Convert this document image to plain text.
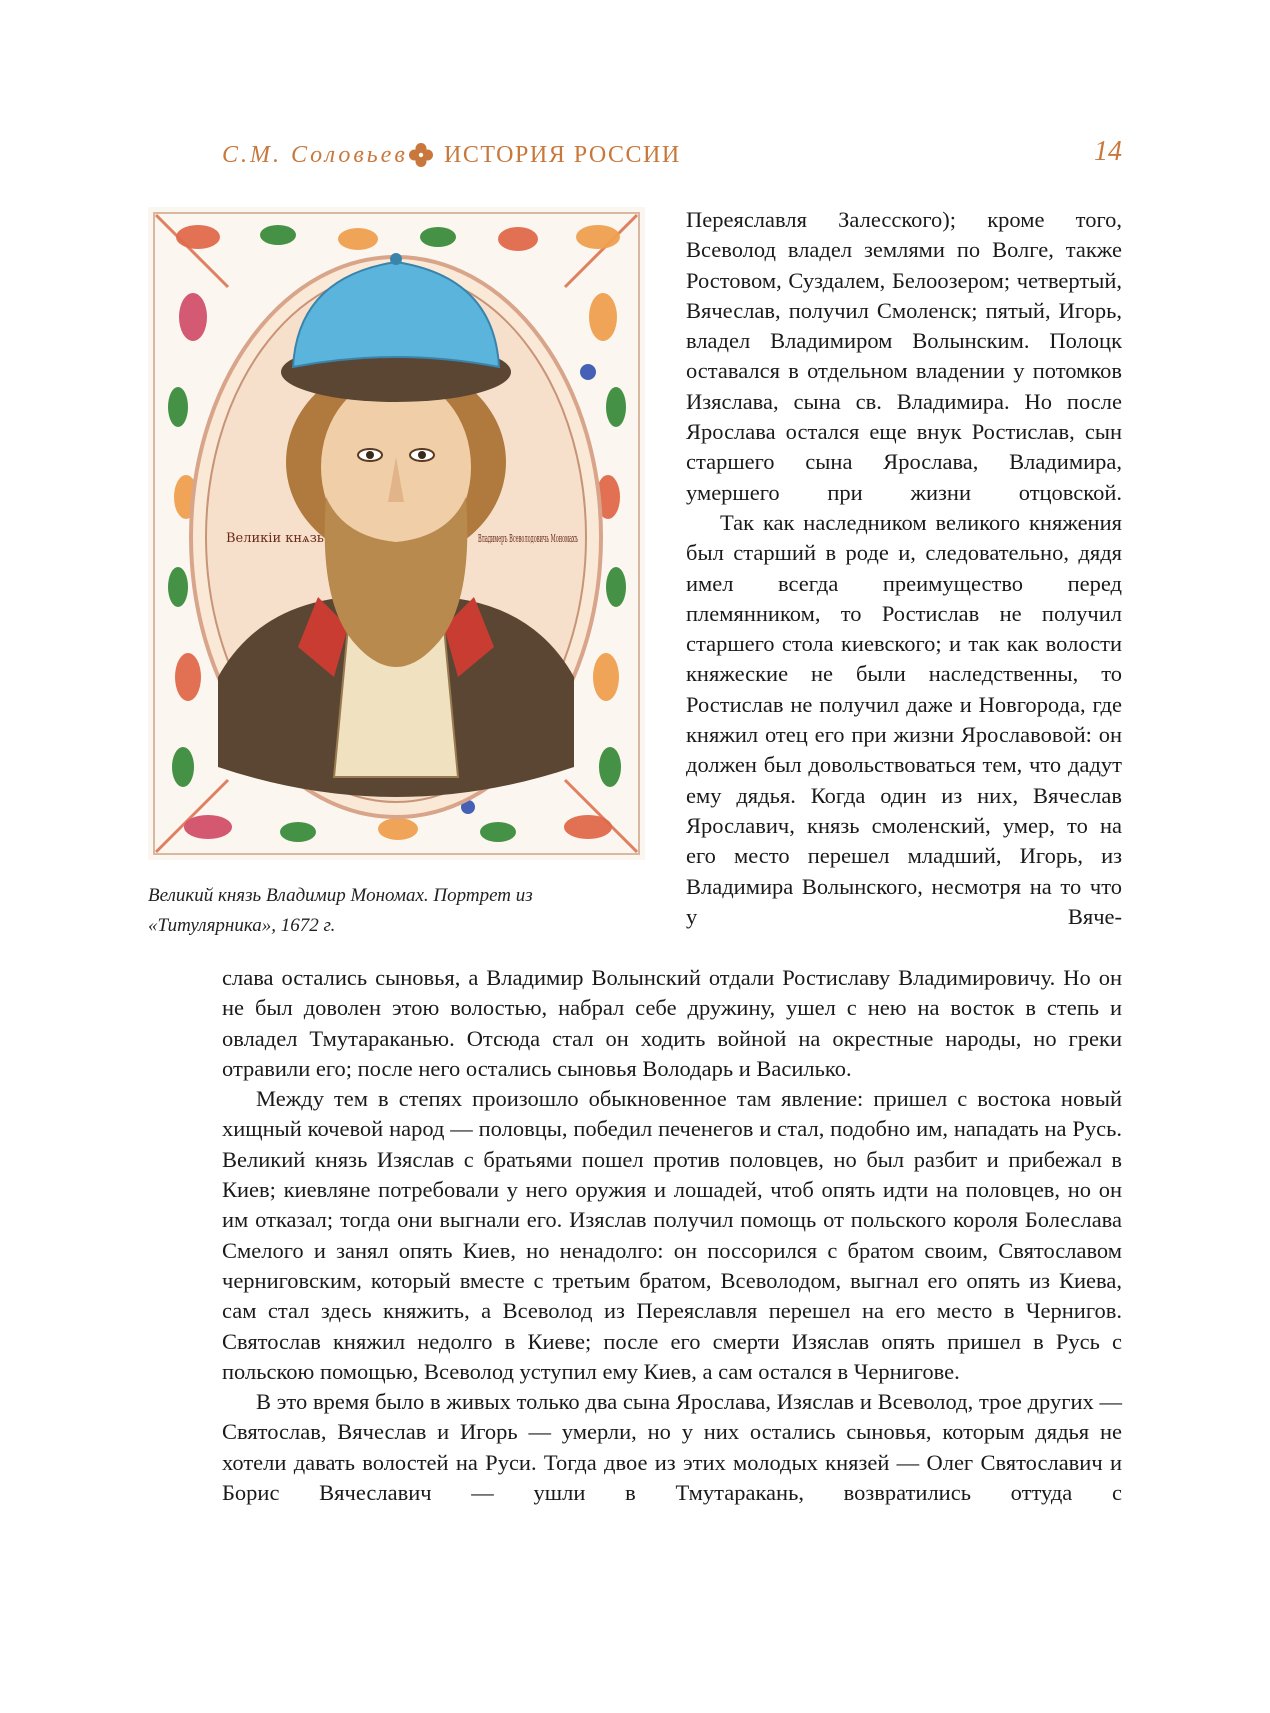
С.М. Соловьев ИСТОРИЯ РОССИИ	14
Великiи кнѧзь	Владимеръ Всеволодовичь Мономахъ
Великий князь Владимир Мономах. Портрет из «Титулярника», 1672 г.

Переяславля Залесского); кроме того, Всеволод владел землями по Волге, также Ростовом, Суздалем, Белоозером; четвертый, Вячеслав, получил Смоленск; пятый, Игорь, владел Владимиром Волынским. Полоцк оставался в отдельном владении у потомков Изяслава, сына св. Владимира. Но после Ярослава остался еще внук Ростислав, сын старшего сына Ярослава, Владимира, умершего при жизни отцовской.

Так как наследником великого княжения был старший в роде и, следовательно, дядя имел всегда преимущество перед племянником, то Ростислав не получил старшего стола киевского; и так как волости княжеские не были наследственны, то Ростислав не получил даже и Новгорода, где княжил отец его при жизни Ярославовой: он должен был довольствоваться тем, что дадут ему дядья. Когда один из них, Вячеслав Ярославич, князь смоленский, умер, то на его место перешел младший, Игорь, из Владимира Волынского, несмотря на то что у Вяче-

слава остались сыновья, а Владимир Волынский отдали Ростиславу Владимировичу. Но он не был доволен этою волостью, набрал себе дружину, ушел с нею на восток в степь и овладел Тмутараканью. Отсюда стал он ходить войной на окрестные народы, но греки отравили его; после него остались сыновья Володарь и Василько.

Между тем в степях произошло обыкновенное там явление: пришел с востока новый хищный кочевой народ — половцы, победил печенегов и стал, подобно им, нападать на Русь. Великий князь Изяслав с братьями пошел против половцев, но был разбит и прибежал в Киев; киевляне потребовали у него оружия и лошадей, чтоб опять идти на половцев, но он им отказал; тогда они выгнали его. Изяслав получил помощь от польского короля Болеслава Смелого и занял опять Киев, но ненадолго: он поссорился с братом своим, Святославом черниговским, который вместе с третьим братом, Всеволодом, выгнал его опять из Киева, сам стал здесь княжить, а Всеволод из Переяславля перешел на его место в Чернигов. Святослав княжил недолго в Киеве; после его смерти Изяслав опять пришел в Русь с польскою помощью, Всеволод уступил ему Киев, а сам остался в Чернигове.

В это время было в живых только два сына Ярослава, Изяслав и Всеволод, трое других — Святослав, Вячеслав и Игорь — умерли, но у них остались сыновья, которым дядья не хотели давать волостей на Руси. Тогда двое из этих молодых князей — Олег Святославич и Борис Вячеславич — ушли в Тмутаракань, возвратились оттуда с
